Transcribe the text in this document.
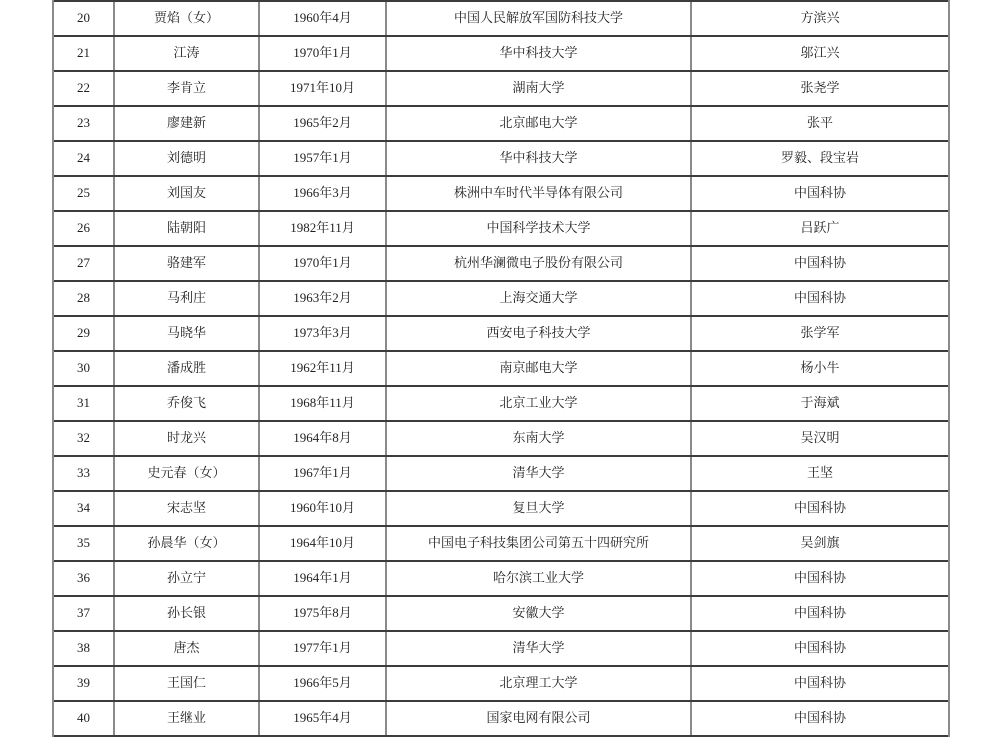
20	贾焰（女）	1960年4月	中国人民解放军国防科技大学	方滨兴
21	江涛	1970年1月	华中科技大学	邬江兴
22	李肯立	1971年10月	湖南大学	张尧学
23	廖建新	1965年2月	北京邮电大学	张平
24	刘德明	1957年1月	华中科技大学	罗毅、段宝岩
25	刘国友	1966年3月	株洲中车时代半导体有限公司	中国科协
26	陆朝阳	1982年11月	中国科学技术大学	吕跃广
27	骆建军	1970年1月	杭州华澜微电子股份有限公司	中国科协
28	马利庄	1963年2月	上海交通大学	中国科协
29	马晓华	1973年3月	西安电子科技大学	张学军
30	潘成胜	1962年11月	南京邮电大学	杨小牛
31	乔俊飞	1968年11月	北京工业大学	于海斌
32	时龙兴	1964年8月	东南大学	吴汉明
33	史元春（女）	1967年1月	清华大学	王坚
34	宋志坚	1960年10月	复旦大学	中国科协
35	孙晨华（女）	1964年10月	中国电子科技集团公司第五十四研究所	吴剑旗
36	孙立宁	1964年1月	哈尔滨工业大学	中国科协
37	孙长银	1975年8月	安徽大学	中国科协
38	唐杰	1977年1月	清华大学	中国科协
39	王国仁	1966年5月	北京理工大学	中国科协
40	王继业	1965年4月	国家电网有限公司	中国科协
